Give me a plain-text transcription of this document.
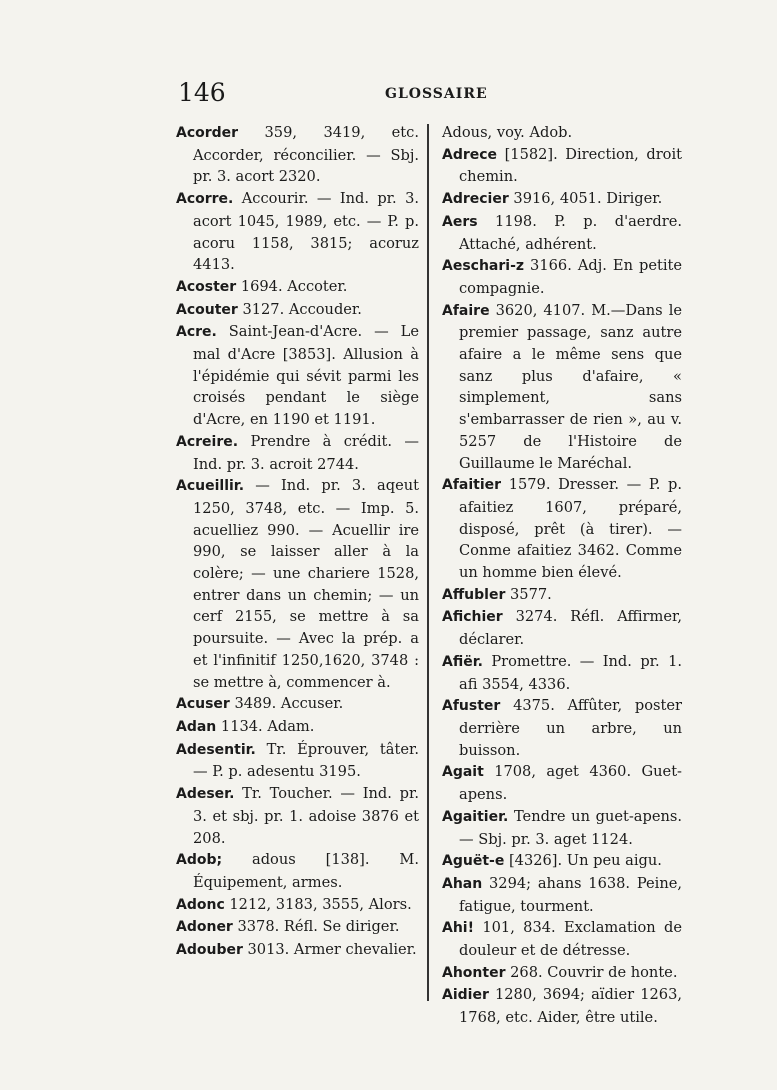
146	GLOSSAIRE

Acorder 359, 3419, etc. Accorder, réconcilier. — Sbj. pr. 3. acort 2320.

Acorre. Accourir. — Ind. pr. 3. acort 1045, 1989, etc. — P. p. acoru 1158, 3815; acoruz 4413.

Acoster 1694. Accoter.

Acouter 3127. Accouder.

Acre. Saint-Jean-d'Acre. — Le mal d'Acre [3853]. Allusion à l'épidémie qui sévit parmi les croisés pendant le siège d'Acre, en 1190 et 1191.

Acreire. Prendre à crédit. — Ind. pr. 3. acroit 2744.

Acueillir. — Ind. pr. 3. aqeut 1250, 3748, etc. — Imp. 5. acuelliez 990. — Acuellir ire 990, se laisser aller à la colère; — une chariere 1528, entrer dans un chemin; — un cerf 2155, se mettre à sa poursuite. — Avec la prép. a et l'infinitif 1250,1620, 3748 : se mettre à, commencer à.

Acuser 3489. Accuser.

Adan 1134. Adam.

Adesentir. Tr. Éprouver, tâter. — P. p. adesentu 3195.

Adeser. Tr. Toucher. — Ind. pr. 3. et sbj. pr. 1. adoise 3876 et 208.

Adob; adous [138]. M. Équipement, armes.

Adonc 1212, 3183, 3555, Alors.

Adoner 3378. Réfl. Se diriger.

Adouber 3013. Armer chevalier.

Adous, voy. Adob.

Adrece [1582]. Direction, droit chemin.

Adrecier 3916, 4051. Diriger.

Aers 1198. P. p. d'aerdre. Attaché, adhérent.

Aeschari-z 3166. Adj. En petite compagnie.

Afaire 3620, 4107. M.—Dans le premier passage, sanz autre afaire a le même sens que sanz plus d'afaire, « simplement, sans s'embarrasser de rien », au v. 5257 de l'Histoire de Guillaume le Maréchal.

Afaitier 1579. Dresser. — P. p. afaitiez 1607, préparé, disposé, prêt (à tirer). — Conme afaitiez 3462. Comme un homme bien élevé.

Affubler 3577.

Afichier 3274. Réfl. Affirmer, déclarer.

Afiër. Promettre. — Ind. pr. 1. afi 3554, 4336.

Afuster 4375. Affûter, poster derrière un arbre, un buisson.

Agait 1708, aget 4360. Guet-apens.

Agaitier. Tendre un guet-apens. — Sbj. pr. 3. aget 1124.

Aguët-e [4326]. Un peu aigu.

Ahan 3294; ahans 1638. Peine, fatigue, tourment.

Ahi! 101, 834. Exclamation de douleur et de détresse.

Ahonter 268. Couvrir de honte.

Aidier 1280, 3694; aïdier 1263, 1768, etc. Aider, être utile.
